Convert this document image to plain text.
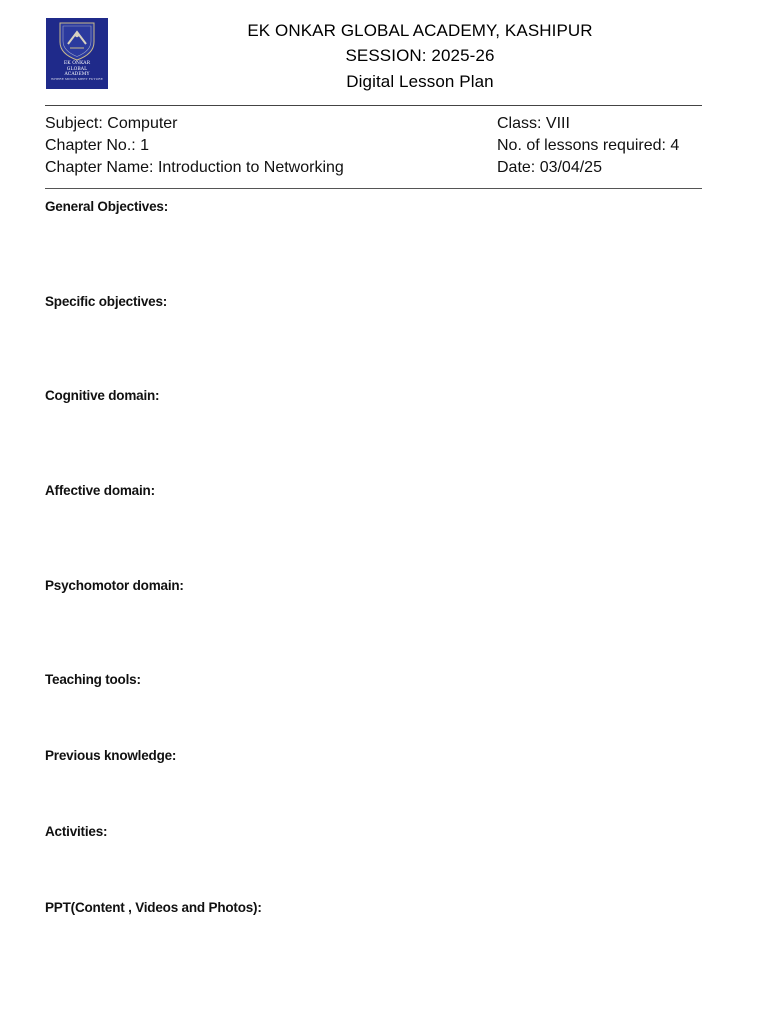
EK ONKAR
GLOBAL
ACADEMY
WHERE MINDS MEET FUTURE
EK ONKAR GLOBAL ACADEMY, KASHIPUR
SESSION: 2025-26
Digital Lesson Plan
Subject: Computer
Chapter No.: 1
Chapter Name: Introduction to Networking
Class: VIII
No. of lessons required: 4
Date: 03/04/25
General Objectives:
Specific objectives:
Cognitive domain:
Affective domain:
Psychomotor domain:
Teaching tools:
Previous knowledge:
Activities:
PPT(Content , Videos and Photos):
